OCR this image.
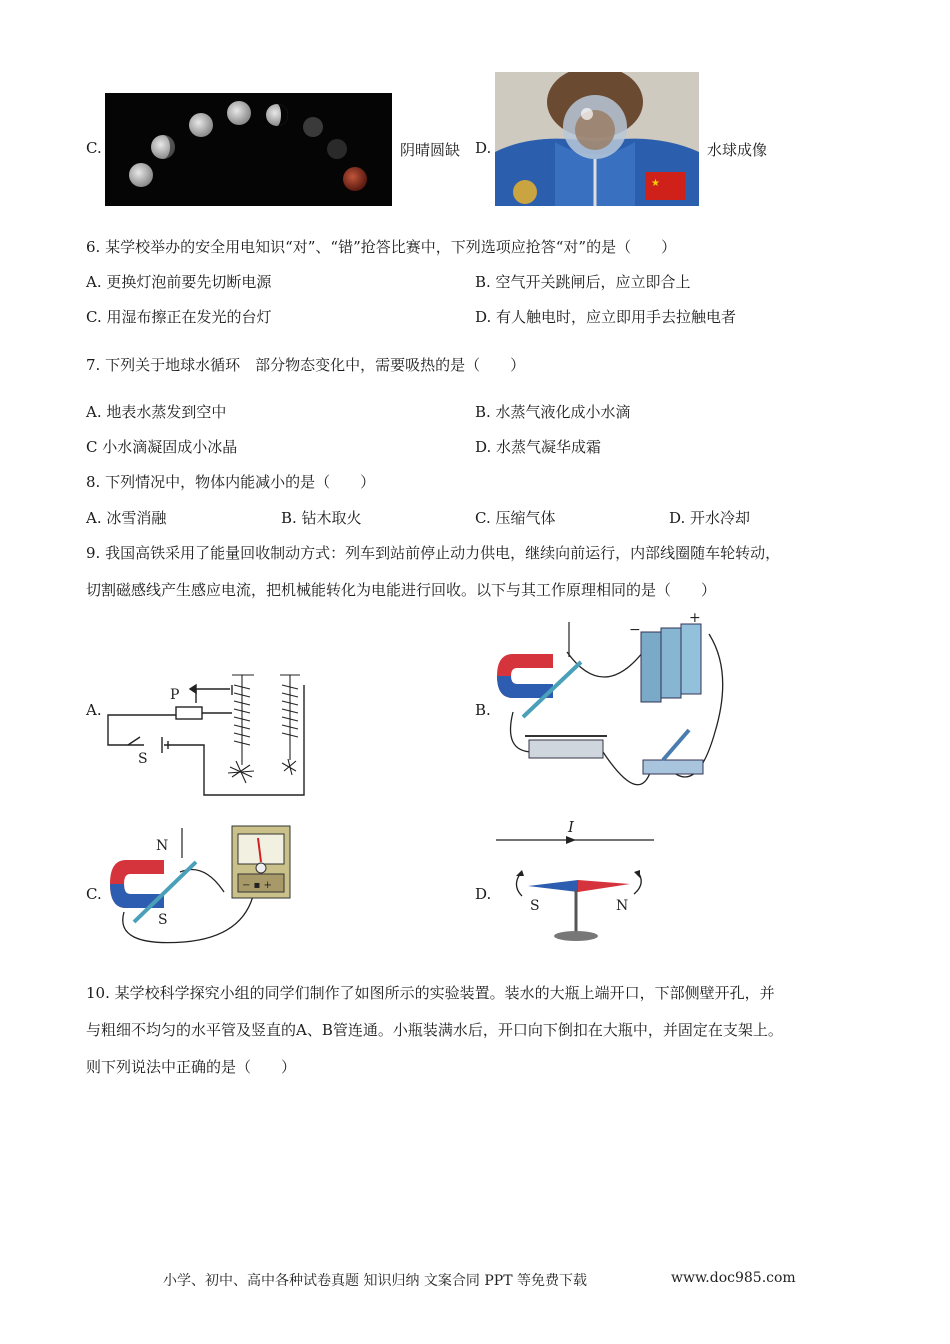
C.	阴晴圆缺 D.
★
水球成像
6. 某学校举办的安全用电知识“对”、“错”抢答比赛中，下列选项应抢答“对”的是（　　）
A. 更换灯泡前要先切断电源	B. 空气开关跳闸后，应立即合上
C. 用湿布擦正在发光的台灯	D. 有人触电时，应立即用手去拉触电者
7. 下列关于地球水循环　部分物态变化中，需要吸热的是（　　）
A. 地表水蒸发到空中	B. 水蒸气液化成小水滴
C 小水滴凝固成小冰晶	D. 水蒸气凝华成霜
8. 下列情况中，物体内能减小的是（　　）
A. 冰雪消融	B. 钻木取火	C. 压缩气体	D. 开水冷却
9. 我国高铁采用了能量回收制动方式：列车到站前停止动力供电，继续向前运行，内部线圈随车轮转动，
切割磁感线产生感应电流，把机械能转化为电能进行回收。以下与其工作原理相同的是（　　）
A.
P
S
B.
−
+
C.
N
S
− ▪ +	D.
I
S	N
10. 某学校科学探究小组的同学们制作了如图所示的实验装置。装水的大瓶上端开口，下部侧壁开孔，并
与粗细不均匀的水平管及竖直的A、B管连通。小瓶装满水后，开口向下倒扣在大瓶中，并固定在支架上。
则下列说法中正确的是（　　）
小学、初中、高中各种试卷真题 知识归纳 文案合同 PPT 等免费下载	www.doc985.com
